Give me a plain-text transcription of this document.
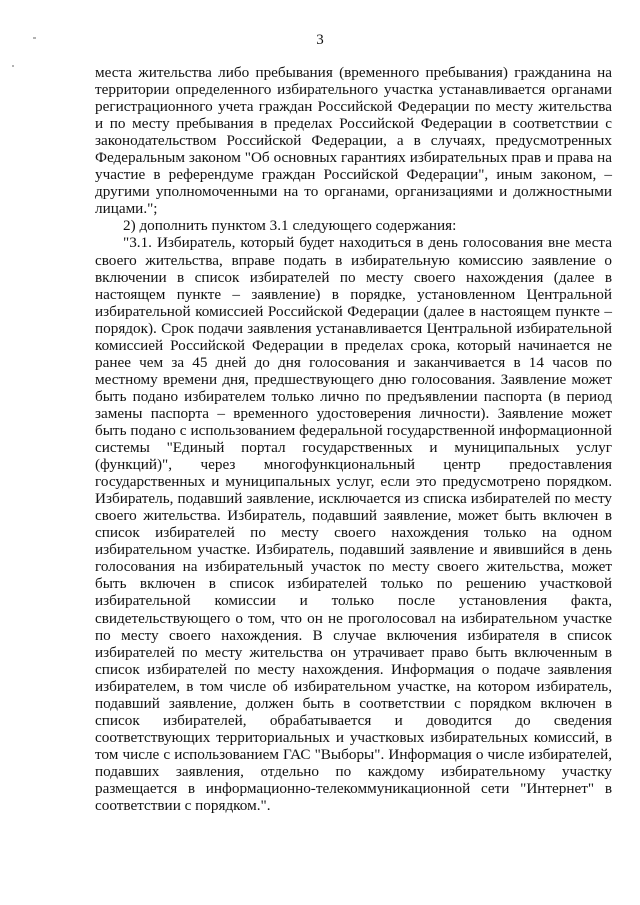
3

места жительства либо пребывания (временного пребывания) гражданина на территории определенного избирательного участка устанавливается органами регистрационного учета граждан Российской Федерации по месту жительства и по месту пребывания в пределах Российской Федерации в соответствии с законодательством Российской Федерации, а в случаях, предусмотренных Федеральным законом "Об основных гарантиях избирательных прав и права на участие в референдуме граждан Российской Федерации", иным законом, – другими уполномоченными на то органами, организациями и должностными лицами.";

2) дополнить пунктом 3.1 следующего содержания:

"3.1. Избиратель, который будет находиться в день голосования вне места своего жительства, вправе подать в избирательную комиссию заявление о включении в список избирателей по месту своего нахождения (далее в настоящем пункте – заявление) в порядке, установленном Центральной избирательной комиссией Российской Федерации (далее в настоящем пункте – порядок). Срок подачи заявления устанавливается Центральной избирательной комиссией Российской Федерации в пределах срока, который начинается не ранее чем за 45 дней до дня голосования и заканчивается в 14 часов по местному времени дня, предшествующего дню голосования. Заявление может быть подано избирателем только лично по предъявлении паспорта (в период замены паспорта – временного удостоверения личности). Заявление может быть подано с использованием федеральной государственной информационной системы "Единый портал государственных и муниципальных услуг (функций)", через многофункциональный центр предоставления государственных и муниципальных услуг, если это предусмотрено порядком. Избиратель, подавший заявление, исключается из списка избирателей по месту своего жительства. Избиратель, подавший заявление, может быть включен в список избирателей по месту своего нахождения только на одном избирательном участке. Избиратель, подавший заявление и явившийся в день голосования на избирательный участок по месту своего жительства, может быть включен в список избирателей только по решению участковой избирательной комиссии и только после установления факта, свидетельствующего о том, что он не проголосовал на избирательном участке по месту своего нахождения. В случае включения избирателя в список избирателей по месту жительства он утрачивает право быть включенным в список избирателей по месту нахождения. Информация о подаче заявления избирателем, в том числе об избирательном участке, на котором избиратель, подавший заявление, должен быть в соответствии с порядком включен в список избирателей, обрабатывается и доводится до сведения соответствующих территориальных и участковых избирательных комиссий, в том числе с использованием ГАС "Выборы". Информация о числе избирателей, подавших заявления, отдельно по каждому избирательному участку размещается в информационно-телекоммуникационной сети "Интернет" в соответствии с порядком.".
